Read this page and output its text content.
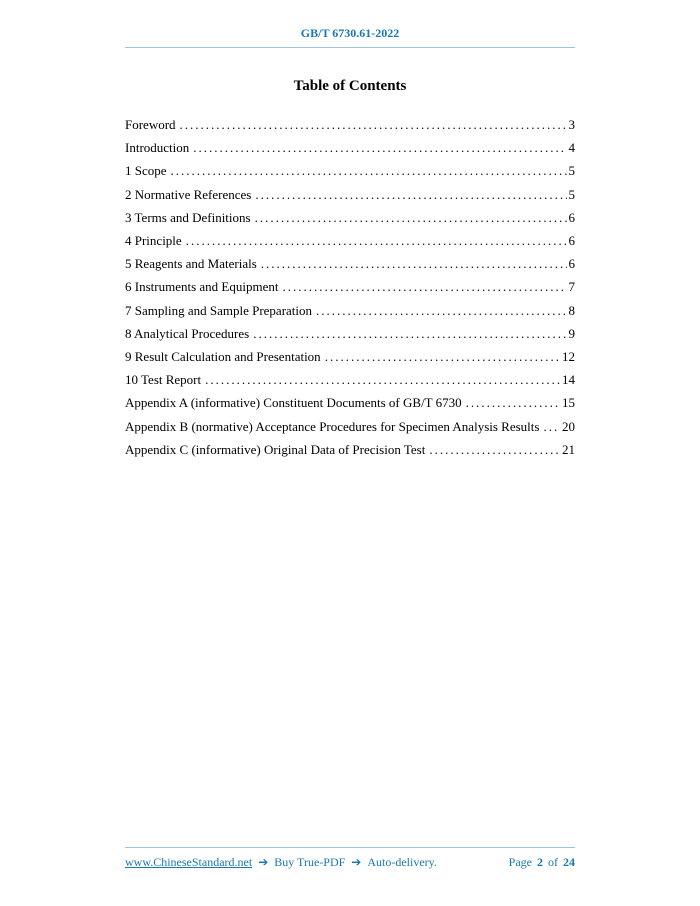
GB/T 6730.61-2022
Table of Contents
Foreword .....	3
Introduction .....	4
1 Scope .....	5
2 Normative References .....	5
3 Terms and Definitions .....	6
4 Principle .....	6
5 Reagents and Materials .....	6
6 Instruments and Equipment .....	7
7 Sampling and Sample Preparation .....	8
8 Analytical Procedures .....	9
9 Result Calculation and Presentation .....	12
10 Test Report .....	14
Appendix A (informative) Constituent Documents of GB/T 6730 .....	15
Appendix B (normative) Acceptance Procedures for Specimen Analysis Results ..... 20
Appendix C (informative) Original Data of Precision Test .....	21
www.ChineseStandard.net ➔ Buy True-PDF ➔ Auto-delivery.	Page 2 of 24
